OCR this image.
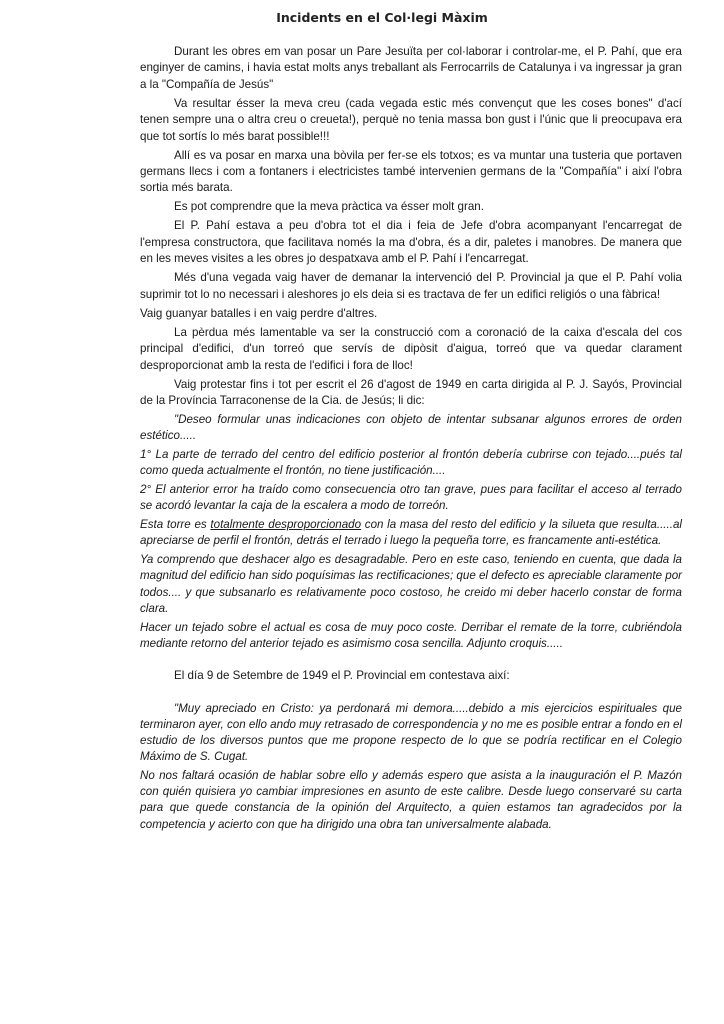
Incidents en el Col·legi Màxim

Durant les obres em van posar un Pare Jesuïta per col·laborar i controlar-me, el P. Pahí, que era enginyer de camins, i havia estat molts anys treballant als Ferrocarrils de Catalunya i va ingressar ja gran a la "Compañía de Jesús"

Va resultar ésser la meva creu (cada vegada estic més convençut que les coses bones" d'ací tenen sempre una o altra creu o creueta!), perquè no tenia massa bon gust i l'únic que li preocupava era que tot sortís lo més barat possible!!!

Allí es va posar en marxa una bòvila per fer-se els totxos; es va muntar una tusteria que portaven germans llecs i com a fontaners i electricistes també intervenien germans de la "Compañía" i així l'obra sortia més barata.

Es pot comprendre que la meva pràctica va ésser molt gran.

El P. Pahí estava a peu d'obra tot el dia i feia de Jefe d'obra acompanyant l'encarregat de l'empresa constructora, que facilitava només la ma d'obra, és a dir, paletes i manobres. De manera que en les meves visites a les obres jo despatxava amb el P. Pahí i l'encarregat.

Més d'una vegada vaig haver de demanar la intervenció del P. Provincial ja que el P. Pahí volia suprimir tot lo no necessari i aleshores jo els deia si es tractava de fer un edifici religiós o una fàbrica!

Vaig guanyar batalles i en vaig perdre d'altres.

La pèrdua més lamentable va ser la construcció com a coronació de la caixa d'escala del cos principal d'edifici, d'un torreó que servís de dipòsit d'aigua, torreó que va quedar clarament desproporcionat amb la resta de l'edifici i fora de lloc!

Vaig protestar fins i tot per escrit el 26 d'agost de 1949 en carta dirigida al P. J. Sayós, Provincial de la Província Tarraconense de la Cia. de Jesús; li dic:

"Deseo formular unas indicaciones con objeto de intentar subsanar algunos errores de orden estético.....

1° La parte de terrado del centro del edificio posterior al frontón debería cubrirse con tejado....pués tal como queda actualmente el frontón, no tiene justificación....

2° El anterior error ha traído como consecuencia otro tan grave, pues para facilitar el acceso al terrado se acordó levantar la caja de la escalera a modo de torreón.

Esta torre es totalmente desproporcionado con la masa del resto del edificio y la silueta que resulta.....al apreciarse de perfil el frontón, detrás el terrado i luego la pequeña torre, es francamente anti-estética.

Ya comprendo que deshacer algo es desagradable. Pero en este caso, teniendo en cuenta, que dada la magnitud del edificio han sido poquísimas las rectificaciones; que el defecto es apreciable claramente por todos.... y que subsanarlo es relativamente poco costoso, he creido mi deber hacerlo constar de forma clara.

Hacer un tejado sobre el actual es cosa de muy poco coste. Derribar el remate de la torre, cubriéndola mediante retorno del anterior tejado es asimismo cosa sencilla. Adjunto croquis.....

El día 9 de Setembre de 1949 el P. Provincial em contestava així:

"Muy apreciado en Cristo: ya perdonará mi demora.....debido a mis ejercicios espirituales que terminaron ayer, con ello ando muy retrasado de correspondencia y no me es posible entrar a fondo en el estudio de los diversos puntos que me propone respecto de lo que se podría rectificar en el Colegio Máximo de S. Cugat.

No nos faltará ocasión de hablar sobre ello y además espero que asista a la inauguración el P. Mazón con quién quisiera yo cambiar impresiones en asunto de este calibre. Desde luego conservaré su carta para que quede constancia de la opinión del Arquitecto, a quien estamos tan agradecidos por la competencia y acierto con que ha dirigido una obra tan universalmente alabada.
